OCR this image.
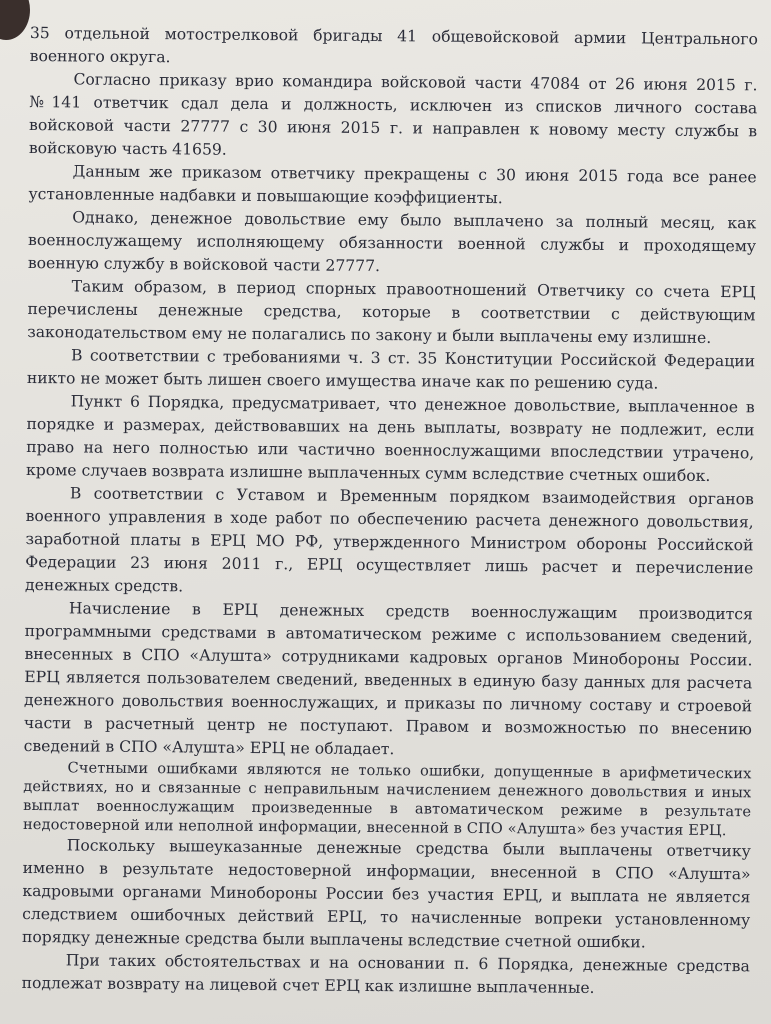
35 отдельной мотострелковой бригады 41 общевойсковой армии Центрального военного округа.

Согласно приказу врио командира войсковой части 47084 от 26 июня 2015 г. №141 ответчик сдал дела и должность, исключен из списков личного состава войсковой части 27777 с 30 июня 2015 г. и направлен к новому месту службы в войсковую часть 41659.

Данным же приказом ответчику прекращены с 30 июня 2015 года все ранее установленные надбавки и повышающие коэффициенты.

Однако, денежное довольствие ему было выплачено за полный месяц, как военнослужащему исполняющему обязанности военной службы и проходящему военную службу в войсковой части 27777.

Таким образом, в период спорных правоотношений Ответчику со счета ЕРЦ перечислены денежные средства, которые в соответствии с действующим законодательством ему не полагались по закону и были выплачены ему излишне.

В соответствии с требованиями ч. 3 ст. 35 Конституции Российской Федерации никто не может быть лишен своего имущества иначе как по решению суда.

Пункт 6 Порядка, предусматривает, что денежное довольствие, выплаченное в порядке и размерах, действовавших на день выплаты, возврату не подлежит, если право на него полностью или частично военнослужащими впоследствии утрачено, кроме случаев возврата излишне выплаченных сумм вследствие счетных ошибок.

В соответствии с Уставом и Временным порядком взаимодействия органов военного управления в ходе работ по обеспечению расчета денежного довольствия, заработной платы в ЕРЦ МО РФ, утвержденного Министром обороны Российской Федерации 23 июня 2011 г., ЕРЦ осуществляет лишь расчет и перечисление денежных средств.

Начисление в ЕРЦ денежных средств военнослужащим производится программными средствами в автоматическом режиме с использованием сведений, внесенных в СПО «Алушта» сотрудниками кадровых органов Минобороны России. ЕРЦ является пользователем сведений, введенных в единую базу данных для расчета денежного довольствия военнослужащих, и приказы по личному составу и строевой части в расчетный центр не поступают. Правом и возможностью по внесению сведений в СПО «Алушта» ЕРЦ не обладает.

Счетными ошибками являются не только ошибки, допущенные в арифметических действиях, но и связанные с неправильным начислением денежного довольствия и иных выплат военнослужащим произведенные в автоматическом режиме в результате недостоверной или неполной информации, внесенной в СПО «Алушта» без участия ЕРЦ.

Поскольку вышеуказанные денежные средства были выплачены ответчику именно в результате недостоверной информации, внесенной в СПО «Алушта» кадровыми органами Минобороны России без участия ЕРЦ, и выплата не является следствием ошибочных действий ЕРЦ, то начисленные вопреки установленному порядку денежные средства были выплачены вследствие счетной ошибки.

При таких обстоятельствах и на основании п. 6 Порядка, денежные средства подлежат возврату на лицевой счет ЕРЦ как излишне выплаченные.
